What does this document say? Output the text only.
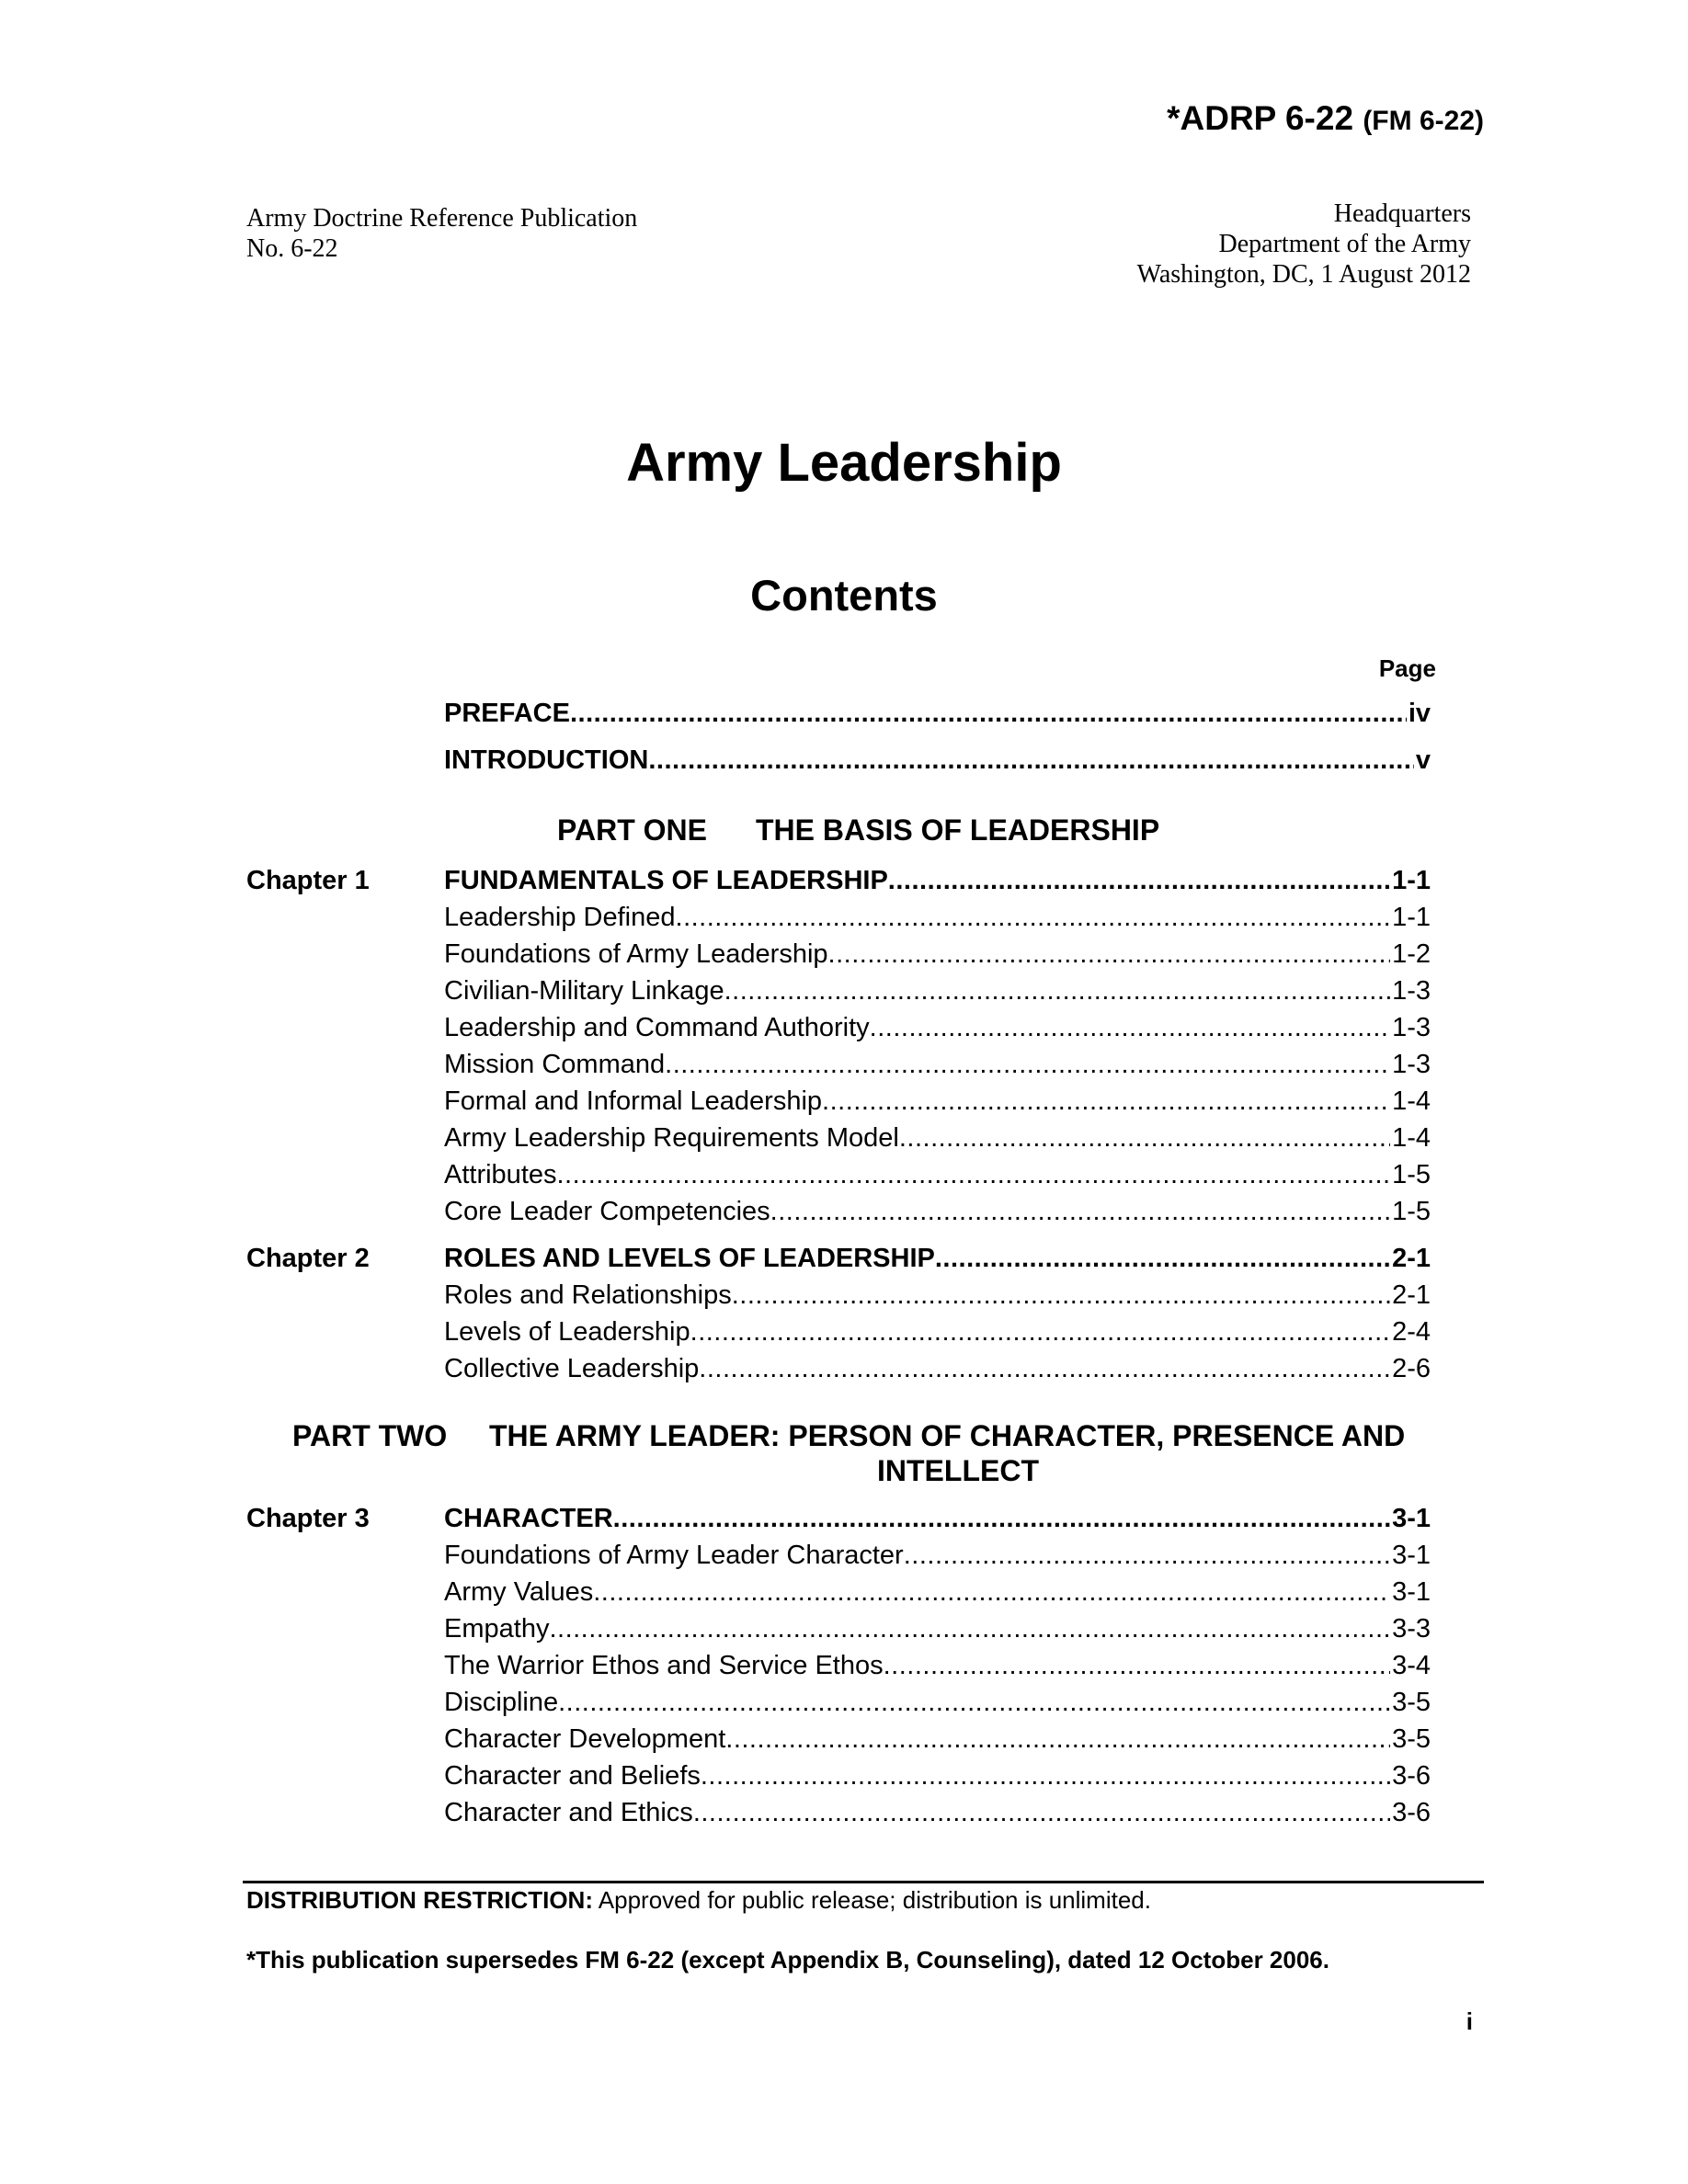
*ADRP 6-22 (FM 6-22)
Army Doctrine Reference Publication
No. 6-22
Headquarters
Department of the Army
Washington, DC, 1 August 2012
Army Leadership
Contents
Page
PREFACE .....	iv
INTRODUCTION .....	v
PART ONE THE BASIS OF LEADERSHIP
Chapter 1	FUNDAMENTALS OF LEADERSHIP .....	1-1
Leadership Defined .....	1-1
Foundations of Army Leadership .....	1-2
Civilian-Military Linkage .....	1-3
Leadership and Command Authority .....	1-3
Mission Command .....	1-3
Formal and Informal Leadership .....	1-4
Army Leadership Requirements Model .....	1-4
Attributes .....	1-5
Core Leader Competencies .....	1-5
Chapter 2	ROLES AND LEVELS OF LEADERSHIP .....	2-1
Roles and Relationships .....	2-1
Levels of Leadership .....	2-4
Collective Leadership .....	2-6
PART TWO THE ARMY LEADER: PERSON OF CHARACTER, PRESENCE AND
INTELLECT
Chapter 3	CHARACTER .....	3-1
Foundations of Army Leader Character .....	3-1
Army Values .....	3-1
Empathy .....	3-3
The Warrior Ethos and Service Ethos .....	3-4
Discipline .....	3-5
Character Development .....	3-5
Character and Beliefs .....	3-6
Character and Ethics .....	3-6
DISTRIBUTION RESTRICTION: Approved for public release; distribution is unlimited.
*This publication supersedes FM 6-22 (except Appendix B, Counseling), dated 12 October 2006.
i
